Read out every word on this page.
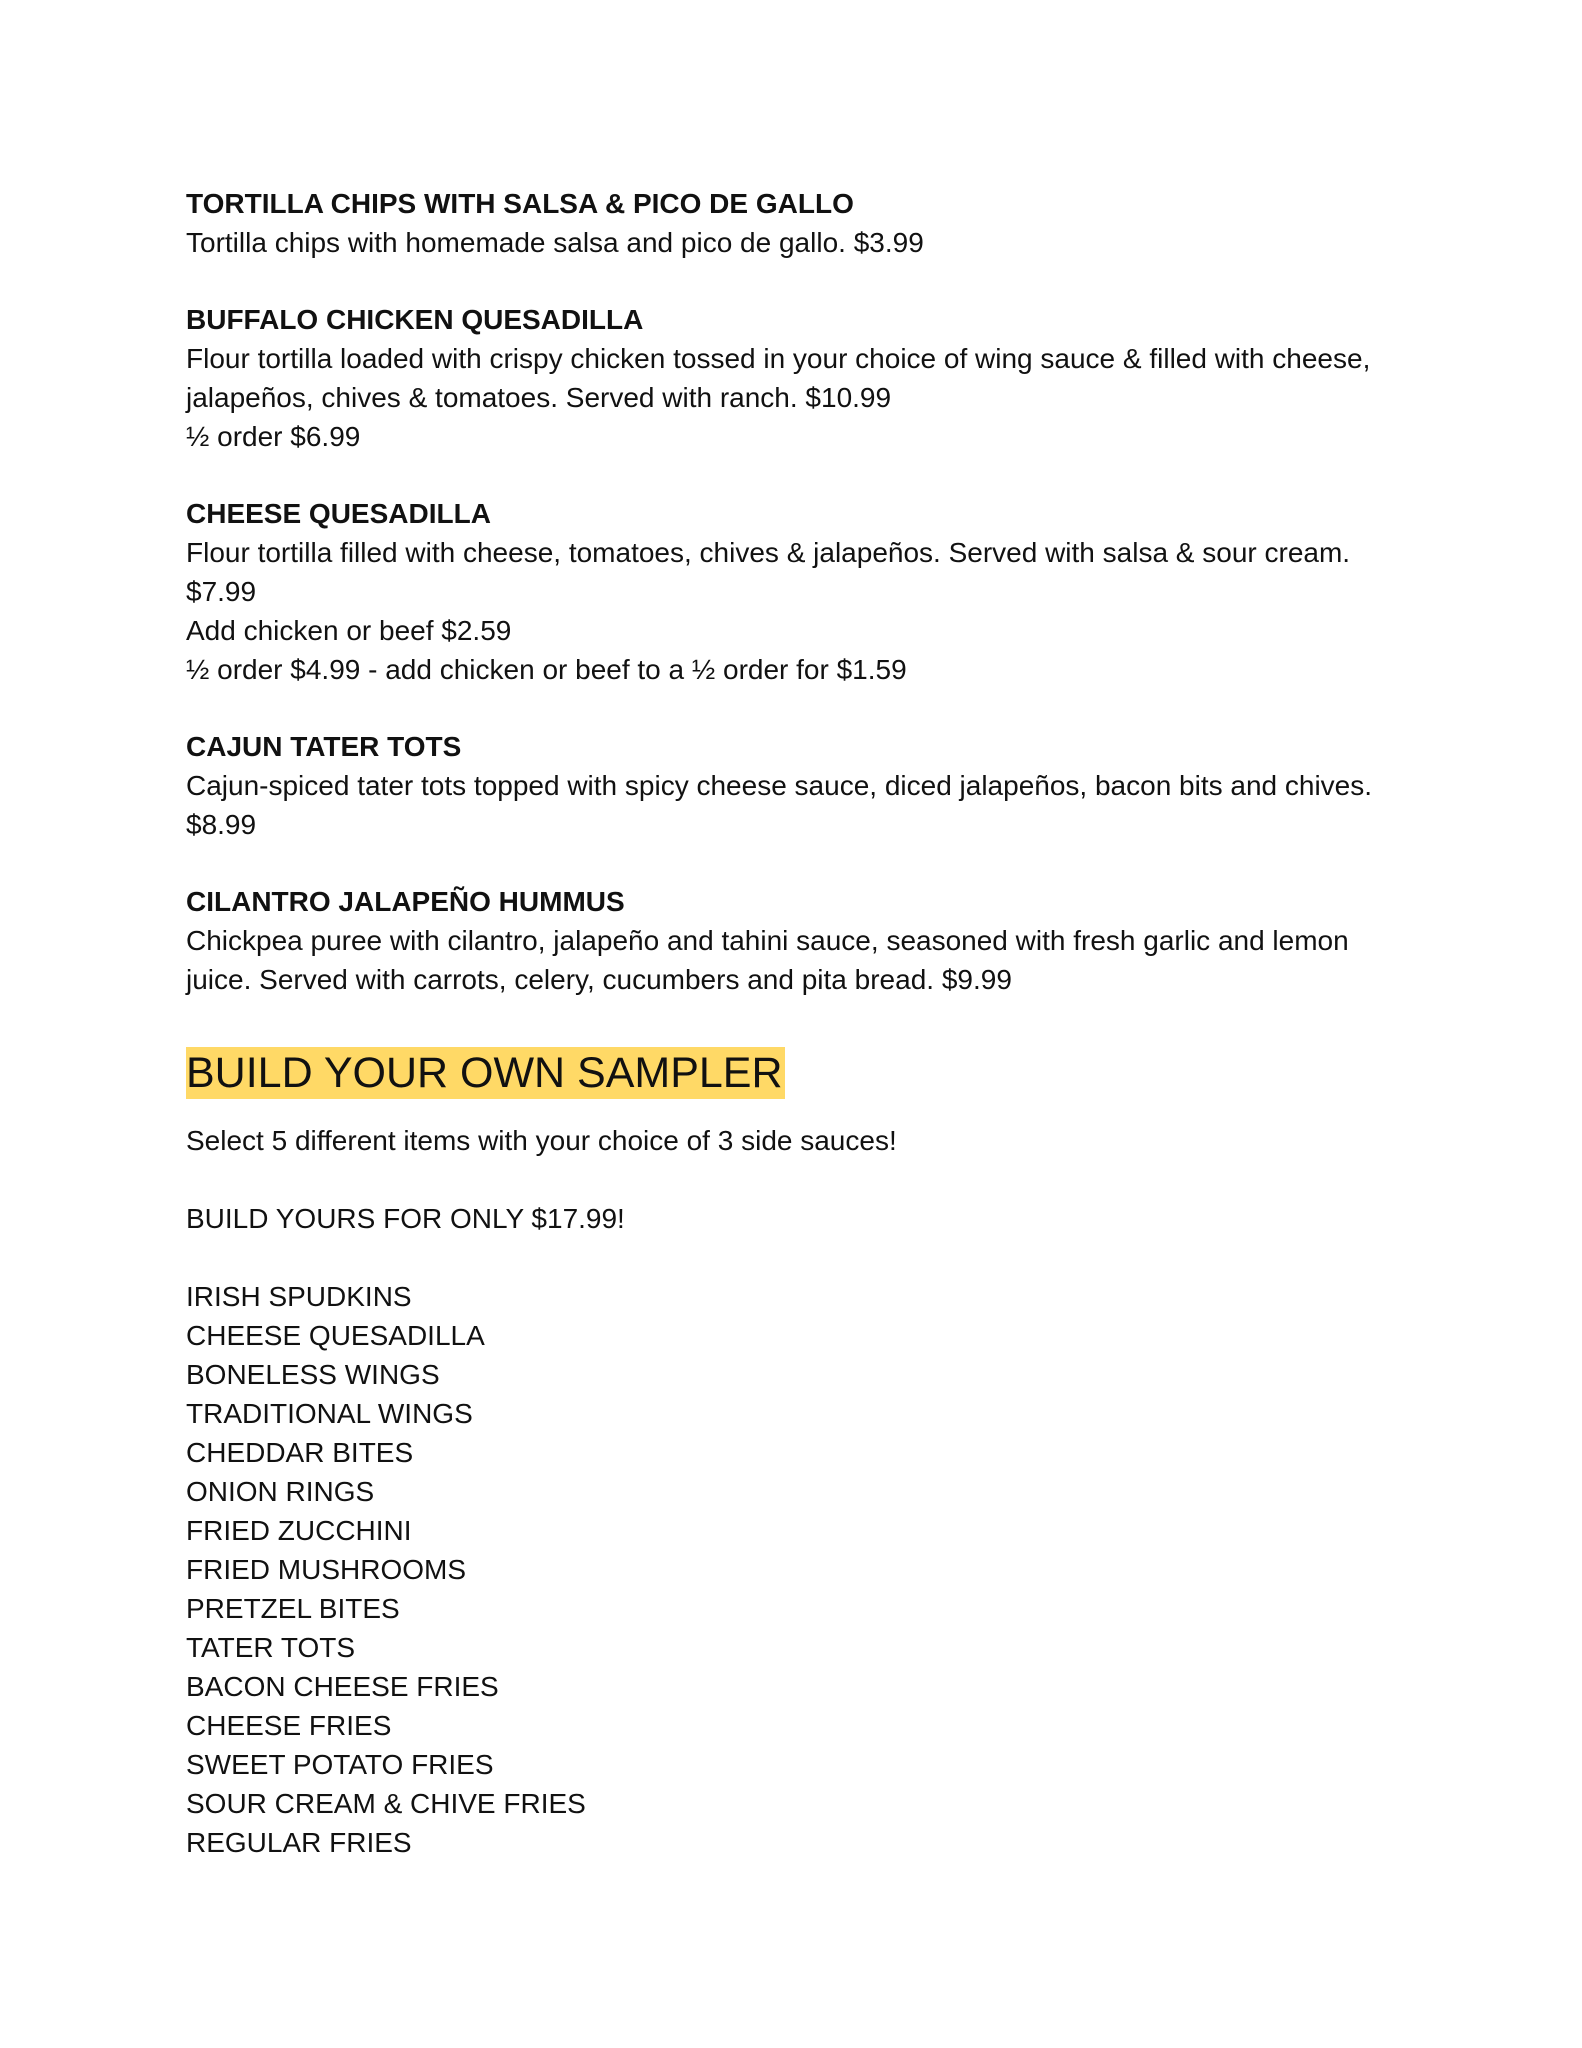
TORTILLA CHIPS WITH SALSA & PICO DE GALLO

Tortilla chips with homemade salsa and pico de gallo. $3.99

BUFFALO CHICKEN QUESADILLA

Flour tortilla loaded with crispy chicken tossed in your choice of wing sauce & filled with cheese,

jalapeños, chives & tomatoes. Served with ranch. $10.99

½ order $6.99

CHEESE QUESADILLA

Flour tortilla filled with cheese, tomatoes, chives & jalapeños. Served with salsa & sour cream.

$7.99

Add chicken or beef $2.59

½ order $4.99 - add chicken or beef to a ½ order for $1.59

CAJUN TATER TOTS

Cajun-spiced tater tots topped with spicy cheese sauce, diced jalapeños, bacon bits and chives.

$8.99

CILANTRO JALAPEÑO HUMMUS

Chickpea puree with cilantro, jalapeño and tahini sauce, seasoned with fresh garlic and lemon

juice. Served with carrots, celery, cucumbers and pita bread. $9.99

BUILD YOUR OWN SAMPLER

Select 5 different items with your choice of 3 side sauces!

BUILD YOURS FOR ONLY $17.99!

IRISH SPUDKINS

CHEESE QUESADILLA

BONELESS WINGS

TRADITIONAL WINGS

CHEDDAR BITES

ONION RINGS

FRIED ZUCCHINI

FRIED MUSHROOMS

PRETZEL BITES

TATER TOTS

BACON CHEESE FRIES

CHEESE FRIES

SWEET POTATO FRIES

SOUR CREAM & CHIVE FRIES

REGULAR FRIES
